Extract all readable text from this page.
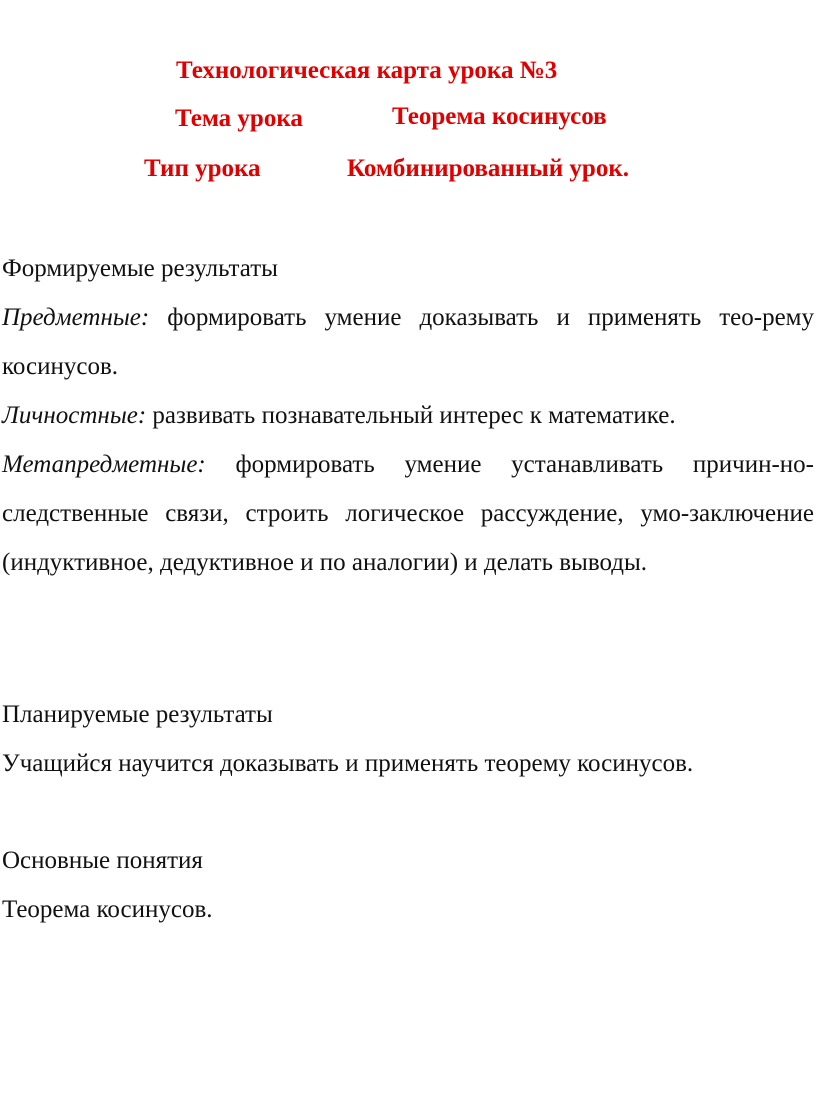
Технологическая карта урока №3
Тема урока	Теорема косинусов
Тип урока	Комбинированный урок.
Формируемые результаты

Предметные: формировать умение доказывать и применять тео-рему косинусов.

Личностные: развивать познавательный интерес к математике.

Метапредметные: формировать умение устанавливать причин-но-следственные связи, строить логическое рассуждение, умо-заключение (индуктивное, дедуктивное и по аналогии) и делать выводы.

Планируемые результаты

Учащийся научится доказывать и применять теорему косинусов.

Основные понятия

Теорема косинусов.
